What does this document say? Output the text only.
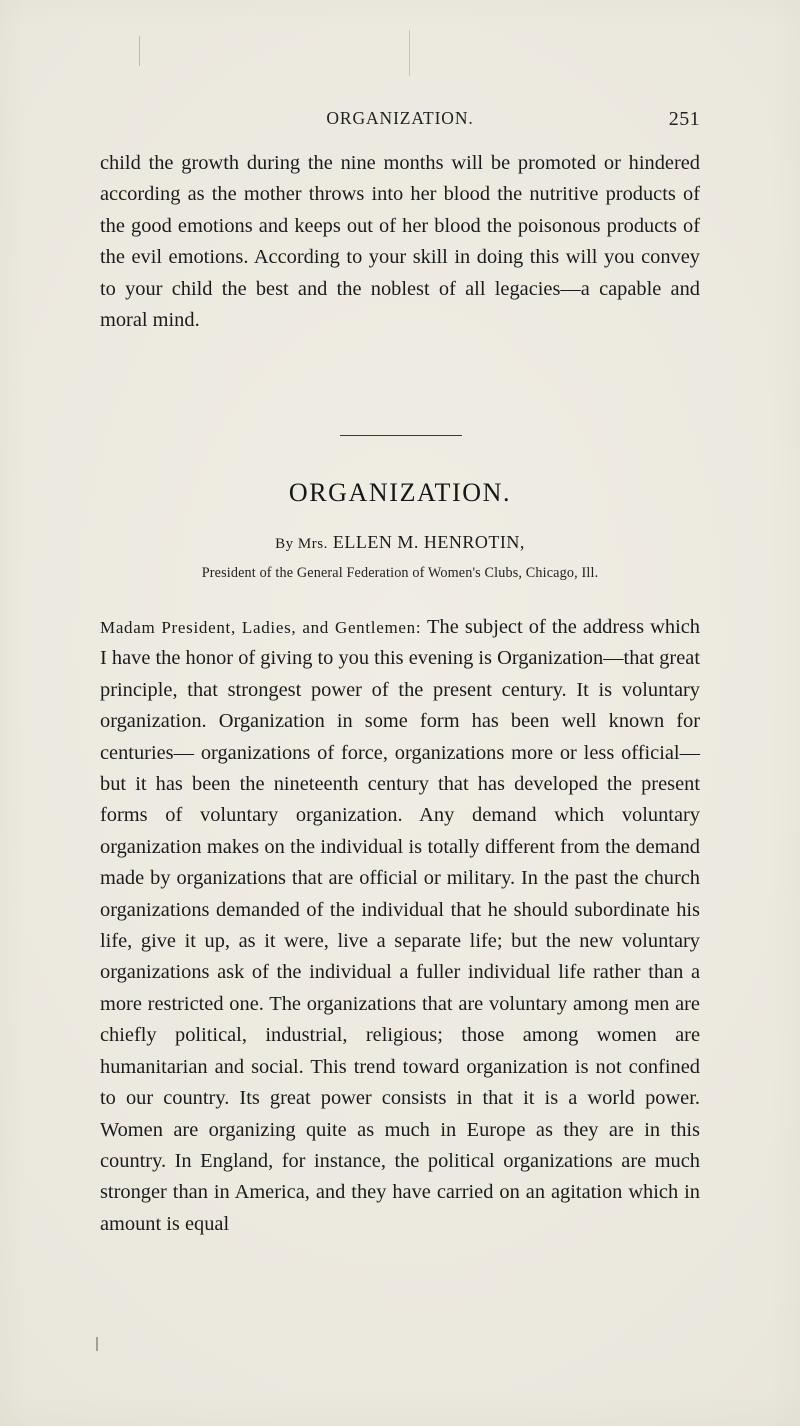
ORGANIZATION.	251

child the growth during the nine months will be promoted or hindered according as the mother throws into her blood the nutritive products of the good emotions and keeps out of her blood the poisonous products of the evil emotions. According to your skill in doing this will you convey to your child the best and the noblest of all legacies—a capable and moral mind.

ORGANIZATION.
By Mrs. ELLEN M. HENROTIN,
President of the General Federation of Women's Clubs, Chicago, Ill.

Madam President, Ladies, and Gentlemen: The subject of the address which I have the honor of giving to you this evening is Organization—that great principle, that strongest power of the present century. It is voluntary organization. Organization in some form has been well known for centuries— organizations of force, organizations more or less official—but it has been the nineteenth century that has developed the present forms of voluntary organization. Any demand which voluntary organization makes on the individual is totally different from the demand made by organizations that are official or military. In the past the church organizations demanded of the individual that he should subordinate his life, give it up, as it were, live a separate life; but the new voluntary organizations ask of the individual a fuller individual life rather than a more restricted one. The organizations that are voluntary among men are chiefly political, industrial, religious; those among women are humanitarian and social. This trend toward organization is not confined to our country. Its great power consists in that it is a world power. Women are organizing quite as much in Europe as they are in this country. In England, for instance, the political organizations are much stronger than in America, and they have carried on an agitation which in amount is equal
